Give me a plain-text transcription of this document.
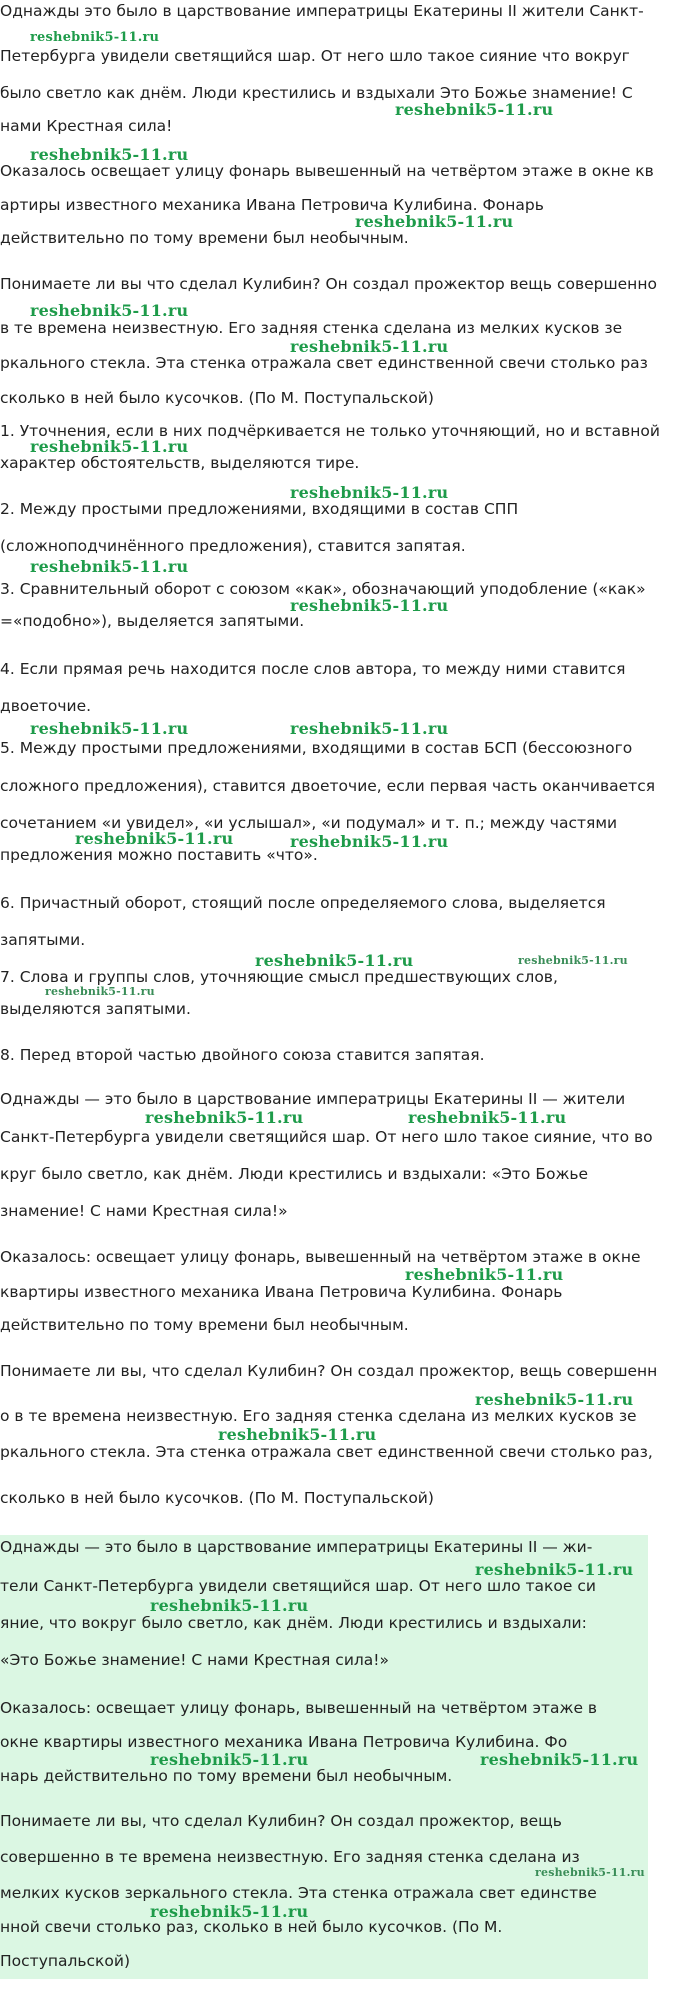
Однажды это было в царствование императрицы Екатерины II жители Санкт-
Петербурга увидели светящийся шар. От него шло такое сияние что вокруг
было светло как днём. Люди крестились и вздыхали Это Божье знамение! С
нами Крестная сила!
Оказалось освещает улицу фонарь вывешенный на четвёртом этаже в окне кв
артиры известного механика Ивана Петровича Кулибина. Фонарь
действительно по тому времени был необычным.
Понимаете ли вы что сделал Кулибин? Он создал прожектор вещь совершенно
в те времена неизвестную. Его задняя стенка сделана из мелких кусков зе
ркального стекла. Эта стенка отражала свет единственной свечи столько раз
сколько в ней было кусочков. (По М. Поступальской)
1. Уточнения, если в них подчёркивается не только уточняющий, но и вставной
характер обстоятельств, выделяются тире.
2. Между простыми предложениями, входящими в состав СПП
(сложноподчинённого предложения), ставится запятая.
3. Сравнительный оборот с союзом «как», обозначающий уподобление («как»
=«подобно»), выделяется запятыми.
4. Если прямая речь находится после слов автора, то между ними ставится
двоеточие.
5. Между простыми предложениями, входящими в состав БСП (бессоюзного
сложного предложения), ставится двоеточие, если первая часть оканчивается
сочетанием «и увидел», «и услышал», «и подумал» и т. п.; между частями
предложения можно поставить «что».
6. Причастный оборот, стоящий после определяемого слова, выделяется
запятыми.
7. Слова и группы слов, уточняющие смысл предшествующих слов,
выделяются запятыми.
8. Перед второй частью двойного союза ставится запятая.
Однажды — это было в царствование императрицы Екатерины II — жители
Санкт-Петербурга увидели светящийся шар. От него шло такое сияние, что во
круг было светло, как днём. Люди крестились и вздыхали: «Это Божье
знамение! С нами Крестная сила!»
Оказалось: освещает улицу фонарь, вывешенный на четвёртом этаже в окне
квартиры известного механика Ивана Петровича Кулибина. Фонарь
действительно по тому времени был необычным.
Понимаете ли вы, что сделал Кулибин? Он создал прожектор, вещь совершенн
о в те времена неизвестную. Его задняя стенка сделана из мелких кусков зе
ркального стекла. Эта стенка отражала свет единственной свечи столько раз,
сколько в ней было кусочков. (По М. Поступальской)
Однажды — это было в царствование императрицы Екатерины II — жи-
тели Санкт-Петербурга увидели светящийся шар. От него шло такое си
яние, что вокруг было светло, как днём. Люди крестились и вздыхали:
«Это Божье знамение! С нами Крестная сила!»
Оказалось: освещает улицу фонарь, вывешенный на четвёртом этаже в
окне квартиры известного механика Ивана Петровича Кулибина. Фо
нарь действительно по тому времени был необычным.
Понимаете ли вы, что сделал Кулибин? Он создал прожектор, вещь
совершенно в те времена неизвестную. Его задняя стенка сделана из
мелких кусков зеркального стекла. Эта стенка отражала свет единстве
нной свечи столько раз, сколько в ней было кусочков. (По М.
Поступальской)
reshebnik5-11.ru
reshebnik5-11.ru
reshebnik5-11.ru
reshebnik5-11.ru
reshebnik5-11.ru
reshebnik5-11.ru
reshebnik5-11.ru
reshebnik5-11.ru
reshebnik5-11.ru
reshebnik5-11.ru
reshebnik5-11.ru	reshebnik5-11.ru
reshebnik5-11.ru	reshebnik5-11.ru
reshebnik5-11.ru	reshebnik5-11.ru
reshebnik5-11.ru
reshebnik5-11.ru	reshebnik5-11.ru
reshebnik5-11.ru
reshebnik5-11.ru
reshebnik5-11.ru
reshebnik5-11.ru
reshebnik5-11.ru
reshebnik5-11.ru	reshebnik5-11.ru
reshebnik5-11.ru
reshebnik5-11.ru
